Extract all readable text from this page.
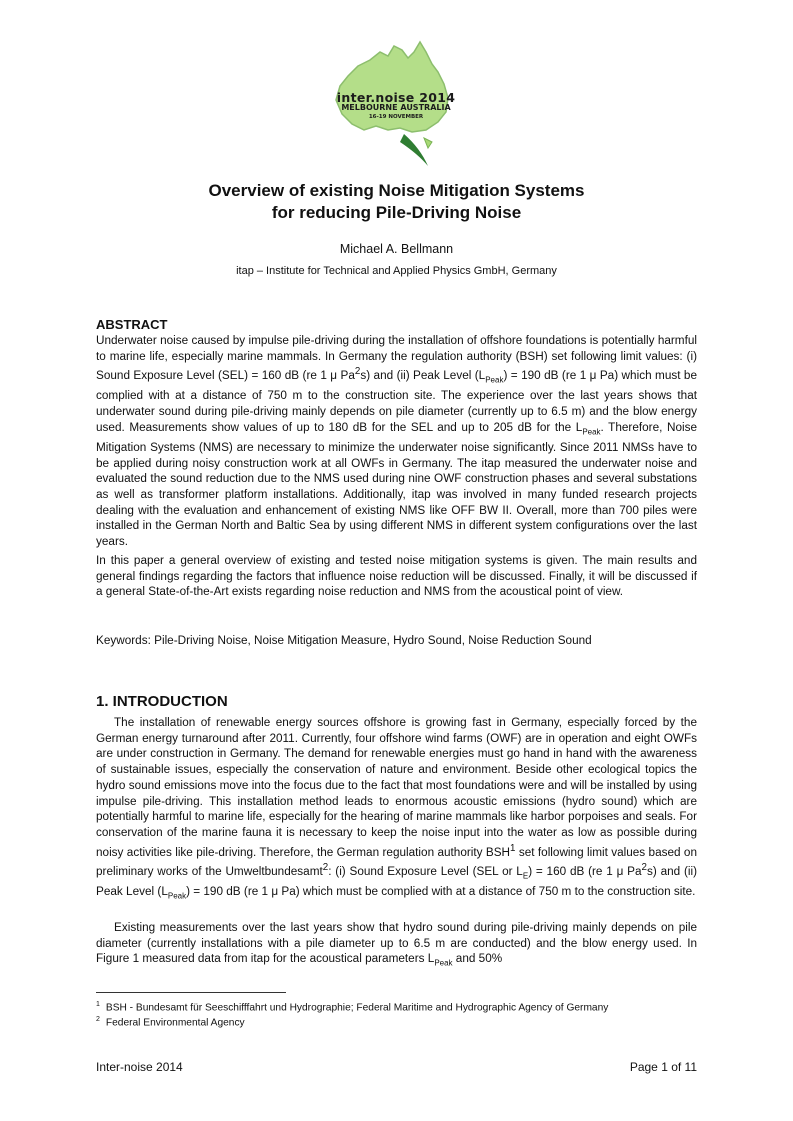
inter.noise 2014
MELBOURNE AUSTRALIA
16-19 NOVEMBER
Overview of existing Noise Mitigation Systems
for reducing Pile-Driving Noise
Michael A. Bellmann
itap – Institute for Technical and Applied Physics GmbH, Germany
ABSTRACT

Underwater noise caused by impulse pile-driving during the installation of offshore foundations is potentially harmful to marine life, especially marine mammals. In Germany the regulation authority (BSH) set following limit values: (i) Sound Exposure Level (SEL) = 160 dB (re 1 μ Pa$^2$s) and (ii) Peak Level $(L_{Peak}) = 190$ dB (re 1 μ Pa) which must be complied with at a distance of 750 m to the construction site. The experience over the last years shows that underwater sound during pile-driving mainly depends on pile diameter (currently up to 6.5 m) and the blow energy used. Measurements show values of up to 180 dB for the SEL and up to 205 dB for the $L_{Peak}$. Therefore, Noise Mitigation Systems (NMS) are necessary to minimize the underwater noise significantly. Since 2011 NMSs have to be applied during noisy construction work at all OWFs in Germany. The itap measured the underwater noise and evaluated the sound reduction due to the NMS used during nine OWF construction phases and several substations as well as transformer platform installations. Additionally, itap was involved in many funded research projects dealing with the evaluation and enhancement of existing NMS like OFF BW II. Overall, more than 700 piles were installed in the German North and Baltic Sea by using different NMS in different system configurations over the last years.

In this paper a general overview of existing and tested noise mitigation systems is given. The main results and general findings regarding the factors that influence noise reduction will be discussed. Finally, it will be discussed if a general State-of-the-Art exists regarding noise reduction and NMS from the acoustical point of view.

Keywords: Pile-Driving Noise, Noise Mitigation Measure, Hydro Sound, Noise Reduction Sound
1. INTRODUCTION

The installation of renewable energy sources offshore is growing fast in Germany, especially forced by the German energy turnaround after 2011. Currently, four offshore wind farms (OWF) are in operation and eight OWFs are under construction in Germany. The demand for renewable energies must go hand in hand with the awareness of sustainable issues, especially the conservation of nature and environment. Beside other ecological topics the hydro sound emissions move into the focus due to the fact that most foundations were and will be installed by using impulse pile-driving. This installation method leads to enormous acoustic emissions (hydro sound) which are potentially harmful to marine life, especially for the hearing of marine mammals like harbor porpoises and seals. For conservation of the marine fauna it is necessary to keep the noise input into the water as low as possible during noisy activities like pile-driving. Therefore, the German regulation authority BSH$^1$ set following limit values based on preliminary works of the Umweltbundesamt$^2$: (i) Sound Exposure Level (SEL or $L_E) = 160$ dB (re 1 μ Pa$^2$s) and (ii) Peak Level $(L_{Peak}) = 190$ dB (re 1 μ Pa) which must be complied with at a distance of 750 m to the construction site.

Existing measurements over the last years show that hydro sound during pile-driving mainly depends on pile diameter (currently installations with a pile diameter up to 6.5 m are conducted) and the blow energy used. In Figure 1 measured data from itap for the acoustical parameters $L_{Peak}$ and 50%

$^1$ BSH - Bundesamt für Seeschifffahrt und Hydrographie; Federal Maritime and Hydrographic Agency of Germany
$^2$ Federal Environmental Agency
Inter-noise 2014	Page 1 of 11
